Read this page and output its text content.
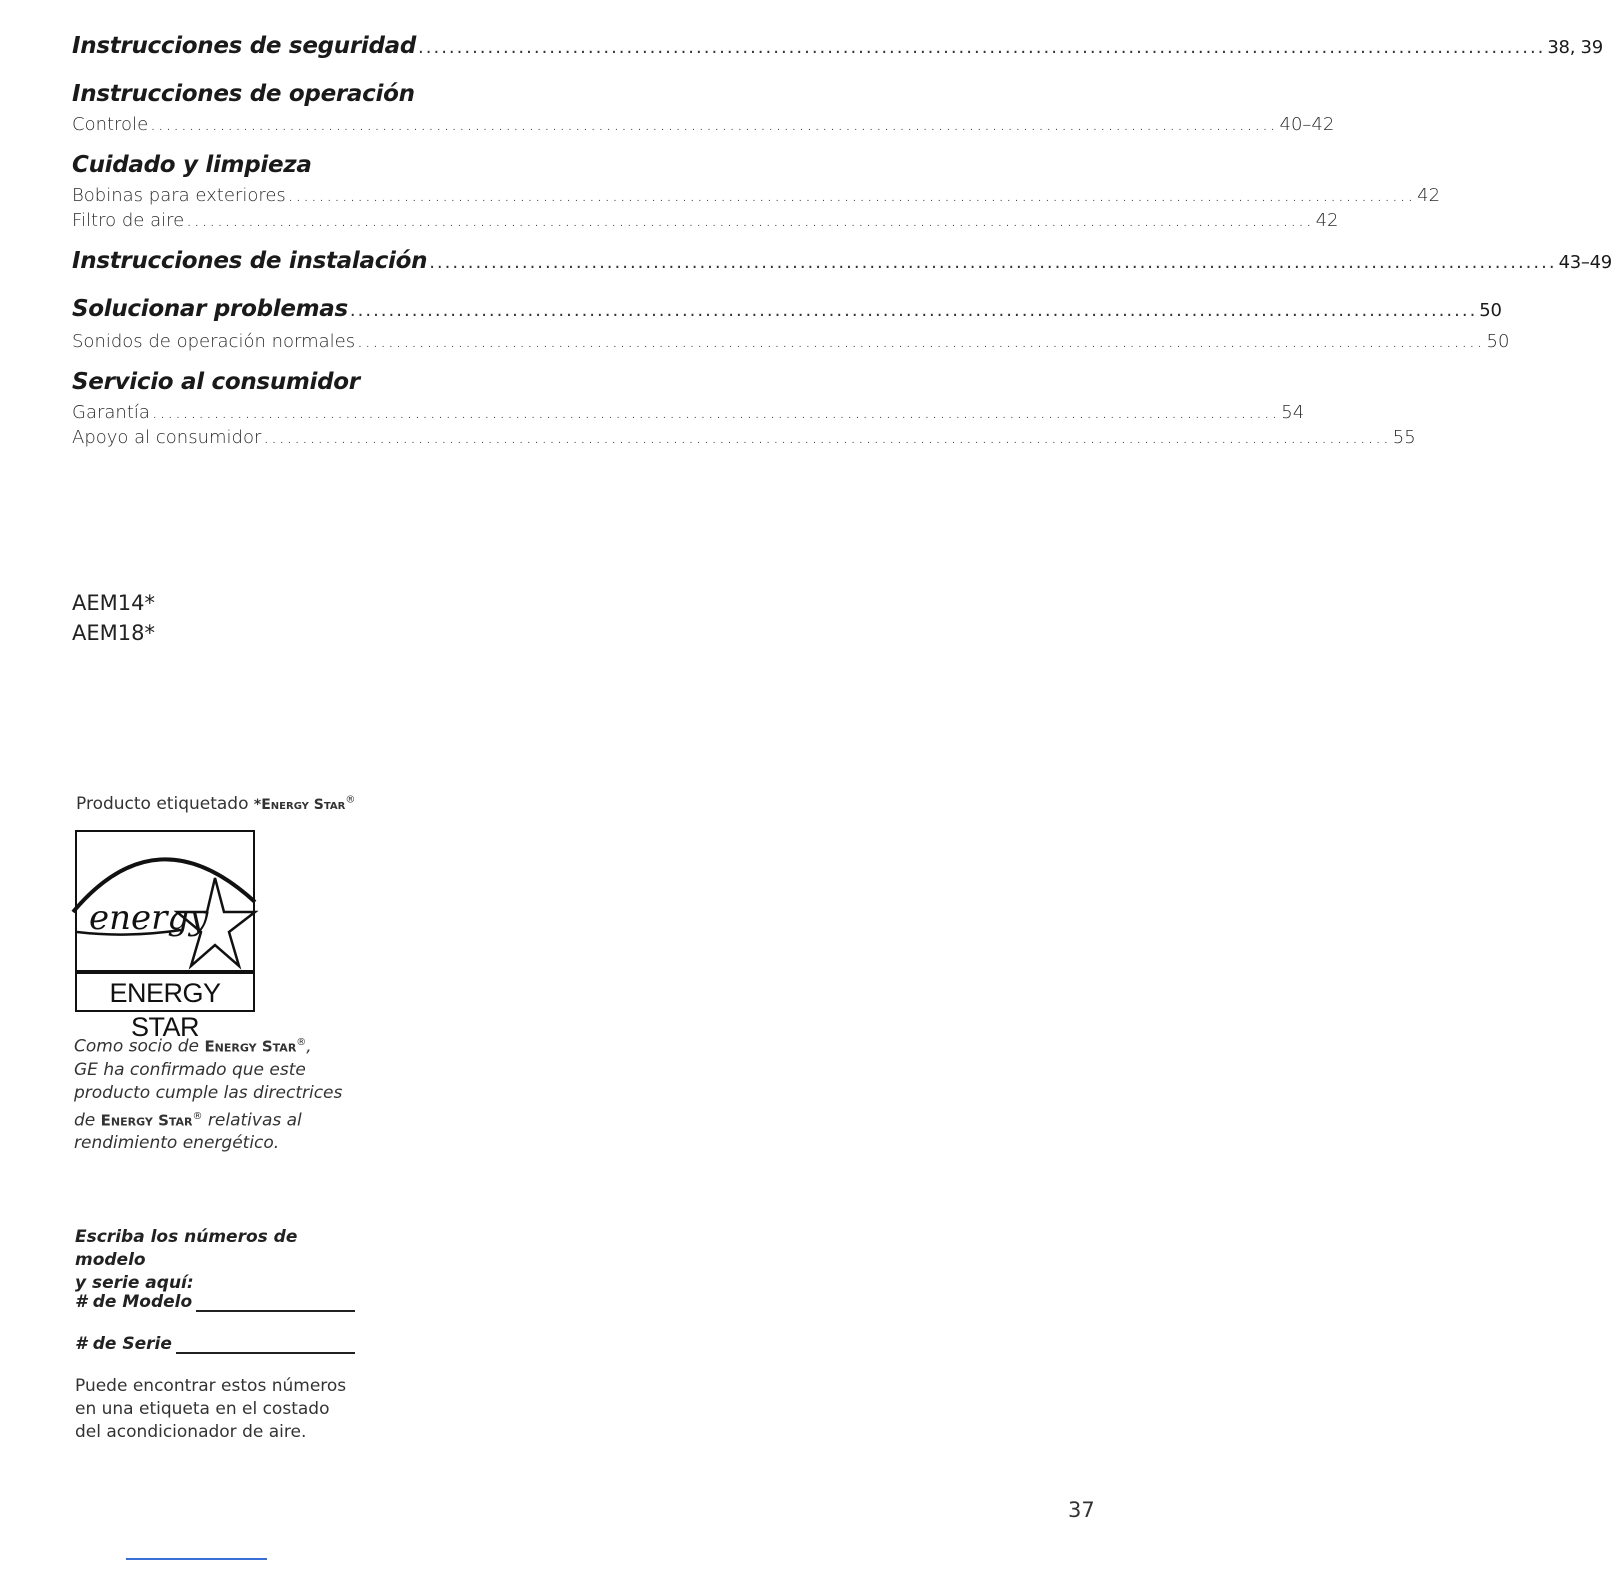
Instrucciones de seguridad .....	38, 39
Instrucciones de operación
Controle .....	40–42
Cuidado y limpieza
Bobinas para exteriores .....	42
Filtro de aire .....	42
Instrucciones de instalación .....	43–49
Solucionar problemas .....	50
Sonidos de operación normales .....	50
Servicio al consumidor
Garantía .....	54
Apoyo al consumidor .....	55
AEM14*
AEM18*
Producto etiquetado *Energy Star®
energy
ENERGY STAR
Como socio de Energy Star®,
GE ha confirmado que este
producto cumple las directrices
de Energy Star® relativas al
rendimiento energético.
Escriba los números de modelo
y serie aquí:
# de Modelo
# de Serie
Puede encontrar estos números
en una etiqueta en el costado
del acondicionador de aire.
37
